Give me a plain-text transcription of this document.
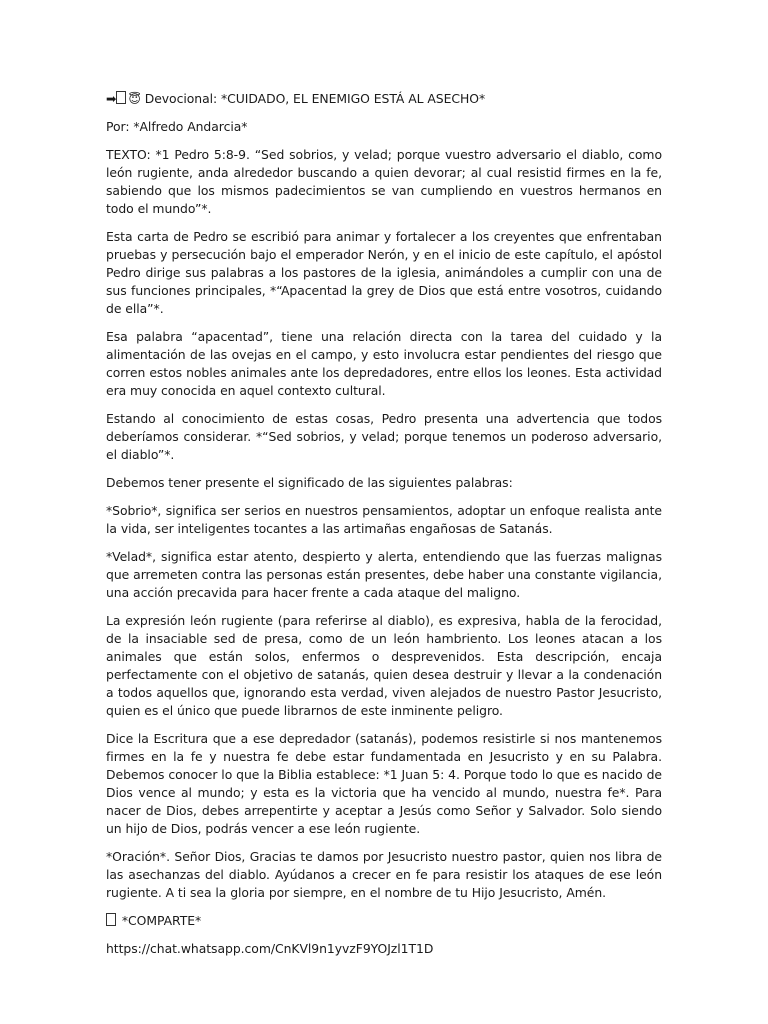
➡ 😇 Devocional: *CUIDADO, EL ENEMIGO ESTÁ AL ASECHO*

Por: *Alfredo Andarcia*

TEXTO: *1 Pedro 5:8-9. “Sed sobrios, y velad; porque vuestro adversario el diablo, como león rugiente, anda alrededor buscando a quien devorar; al cual resistid firmes en la fe, sabiendo que los mismos padecimientos se van cumpliendo en vuestros hermanos en todo el mundo”*.

Esta carta de Pedro se escribió para animar y fortalecer a los creyentes que enfrentaban pruebas y persecución bajo el emperador Nerón, y en el inicio de este capítulo, el apóstol Pedro dirige sus palabras a los pastores de la iglesia, animándoles a cumplir con una de sus funciones principales, *“Apacentad la grey de Dios que está entre vosotros, cuidando de ella”*.

Esa palabra “apacentad”, tiene una relación directa con la tarea del cuidado y la alimentación de las ovejas en el campo, y esto involucra estar pendientes del riesgo que corren estos nobles animales ante los depredadores, entre ellos los leones. Esta actividad era muy conocida en aquel contexto cultural.

Estando al conocimiento de estas cosas, Pedro presenta una advertencia que todos deberíamos considerar. *“Sed sobrios, y velad; porque tenemos un poderoso adversario, el diablo”*.

Debemos tener presente el significado de las siguientes palabras:

*Sobrio*, significa ser serios en nuestros pensamientos, adoptar un enfoque realista ante la vida, ser inteligentes tocantes a las artimañas engañosas de Satanás.

*Velad*, significa estar atento, despierto y alerta, entendiendo que las fuerzas malignas que arremeten contra las personas están presentes, debe haber una constante vigilancia, una acción precavida para hacer frente a cada ataque del maligno.

La expresión león rugiente (para referirse al diablo), es expresiva, habla de la ferocidad, de la insaciable sed de presa, como de un león hambriento. Los leones atacan a los animales que están solos, enfermos o desprevenidos. Esta descripción, encaja perfectamente con el objetivo de satanás, quien desea destruir y llevar a la condenación a todos aquellos que, ignorando esta verdad, viven alejados de nuestro Pastor Jesucristo, quien es el único que puede librarnos de este inminente peligro.

Dice la Escritura que a ese depredador (satanás), podemos resistirle si nos mantenemos firmes en la fe y nuestra fe debe estar fundamentada en Jesucristo y en su Palabra. Debemos conocer lo que la Biblia establece: *1 Juan 5: 4. Porque todo lo que es nacido de Dios vence al mundo; y esta es la victoria que ha vencido al mundo, nuestra fe*. Para nacer de Dios, debes arrepentirte y aceptar a Jesús como Señor y Salvador. Solo siendo un hijo de Dios, podrás vencer a ese león rugiente.

*Oración*. Señor Dios, Gracias te damos por Jesucristo nuestro pastor, quien nos libra de las asechanzas del diablo. Ayúdanos a crecer en fe para resistir los ataques de ese león rugiente. A ti sea la gloria por siempre, en el nombre de tu Hijo Jesucristo, Amén.

*COMPARTE*

https://chat.whatsapp.com/CnKVl9n1yvzF9YOJzl1T1D
